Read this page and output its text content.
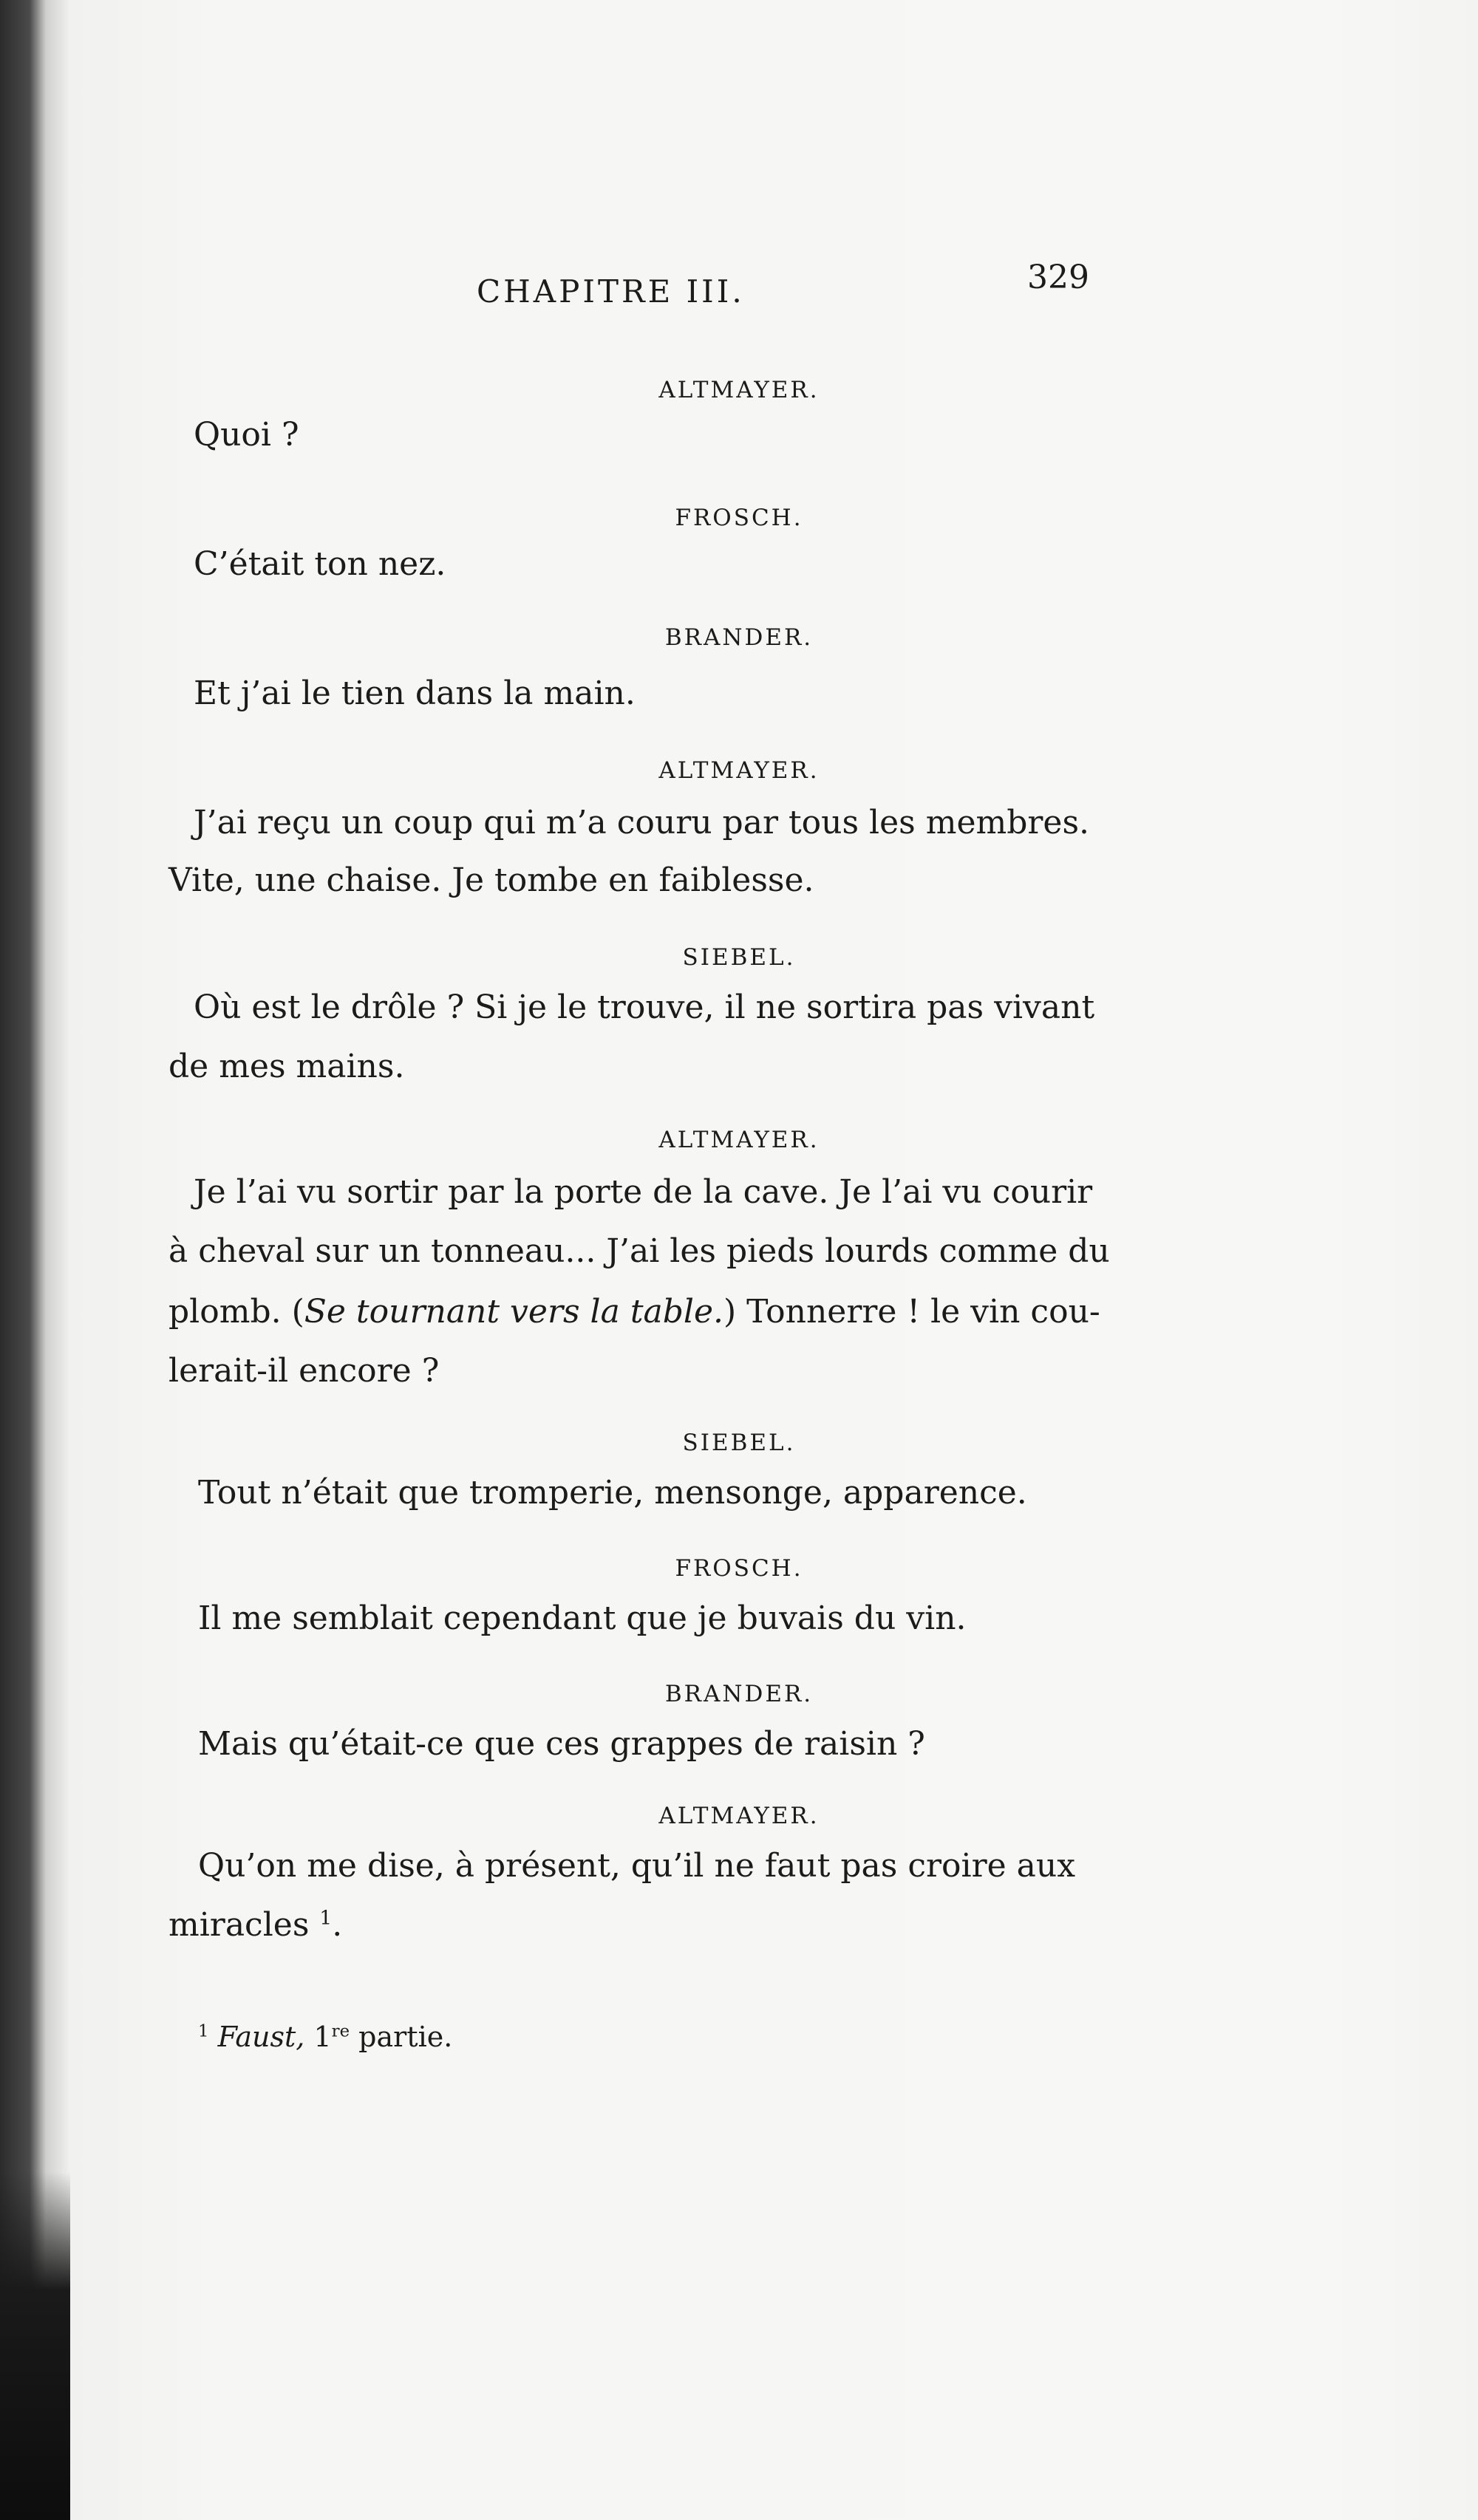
CHAPITRE III.	329
ALTMAYER.
Quoi ?
FROSCH.
C’était ton nez.
BRANDER.
Et j’ai le tien dans la main.
ALTMAYER.
J’ai reçu un coup qui m’a couru par tous les membres.
Vite, une chaise. Je tombe en faiblesse.
SIEBEL.
Où est le drôle ? Si je le trouve, il ne sortira pas vivant
de mes mains.
ALTMAYER.
Je l’ai vu sortir par la porte de la cave. Je l’ai vu courir
à cheval sur un tonneau... J’ai les pieds lourds comme du
plomb. (Se tournant vers la table.) Tonnerre ! le vin cou-
lerait-il encore ?
SIEBEL.
Tout n’était que tromperie, mensonge, apparence.
FROSCH.
Il me semblait cependant que je buvais du vin.
BRANDER.
Mais qu’était-ce que ces grappes de raisin ?
ALTMAYER.
Qu’on me dise, à présent, qu’il ne faut pas croire aux
miracles $^1$.
$^1$ Faust, 1re partie.
